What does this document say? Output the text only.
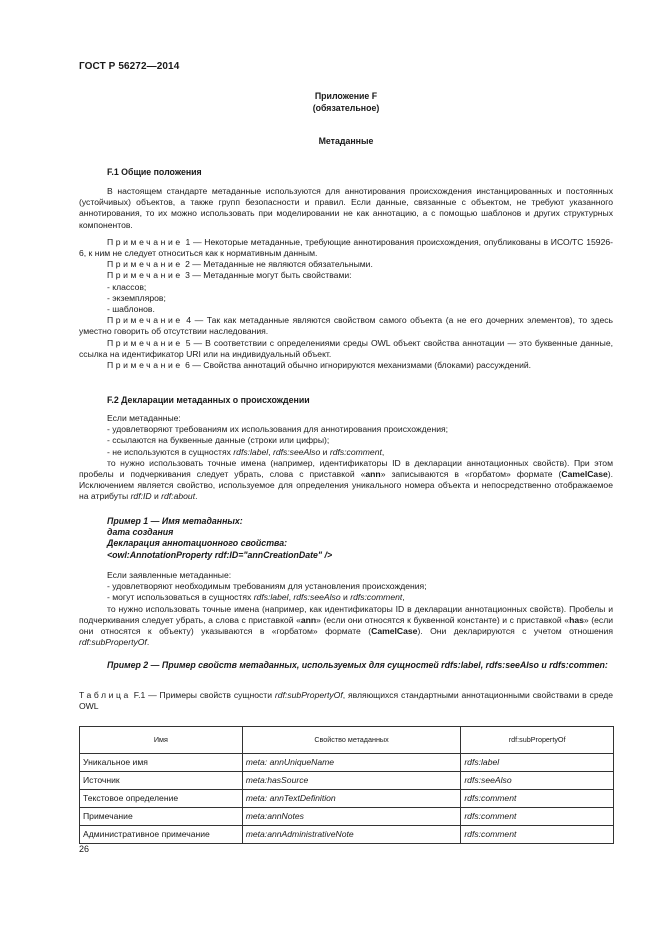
ГОСТ Р 56272—2014
Приложение F
(обязательное)
Метаданные
F.1 Общие положения

В настоящем стандарте метаданные используются для аннотирования происхождения инстанцированных и постоянных (устойчивых) объектов, а также групп безопасности и правил. Если данные, связанные с объектом, не требуют указанного аннотирования, то их можно использовать при моделировании не как аннотацию, а с помощью шаблонов и других структурных компонентов.

Примечание 1 — Некоторые метаданные, требующие аннотирования происхождения, опубликованы в ИСО/ТС 15926-6, к ним не следует относиться как к нормативным данным.

Примечание 2 — Метаданные не являются обязательными.

Примечание 3 — Метаданные могут быть свойствами:

- классов;

- экземпляров;

- шаблонов.

Примечание 4 — Так как метаданные являются свойством самого объекта (а не его дочерних элементов), то здесь уместно говорить об отсутствии наследования.

Примечание 5 — В соответствии с определениями среды OWL объект свойства аннотации — это буквенные данные, ссылка на идентификатор URI или на индивидуальный объект.

Примечание 6 — Свойства аннотаций обычно игнорируются механизмами (блоками) рассуждений.

F.2 Декларации метаданных о происхождении

Если метаданные:

- удовлетворяют требованиям их использования для аннотирования происхождения;

- ссылаются на буквенные данные (строки или цифры);

- не используются в сущностях rdfs:label, rdfs:seeAlso и rdfs:comment,

то нужно использовать точные имена (например, идентификаторы ID в декларации аннотационных свойств). При этом пробелы и подчеркивания следует убрать, слова с приставкой «ann» записываются в «горбатом» формате (CamelCase). Исключением является свойство, используемое для определения уникального номера объекта и непосредственно отображаемое на атрибуты rdf:ID и rdf:about.

Пример 1 — Имя метаданных:
дата создания
Декларация аннотационного свойства:
<owl:AnnotationProperty rdf:ID="annCreationDate" />

Если заявленные метаданные:

- удовлетворяют необходимым требованиям для установления происхождения;

- могут использоваться в сущностях rdfs:label, rdfs:seeAlso и rdfs:comment,

то нужно использовать точные имена (например, как идентификаторы ID в декларации аннотационных свойств). Пробелы и подчеркивания следует убрать, а слова с приставкой «ann» (если они относятся к буквенной константе) и с приставкой «has» (если они относятся к объекту) указываются в «горбатом» формате (CamelCase). Они декларируются с учетом отношения rdf:subPropertyOf.

Пример 2 — Пример свойств метаданных, используемых для сущностей rdfs:label, rdfs:seeAlso и rdfs:commen:

Таблица F.1 — Примеры свойств сущности rdf:subPropertyOf, являющихся стандартными аннотационными свойствами в среде OWL

Имя	Свойство метаданных	rdf:subPropertyOf
Уникальное имя	meta: annUniqueName	rdfs:label
Источник	meta:hasSource	rdfs:seeAlso
Текстовое определение	meta: annTextDefinition	rdfs:comment
Примечание	meta:annNotes	rdfs:comment
Административное примечание	meta:annAdministrativeNote	rdfs:comment
26
